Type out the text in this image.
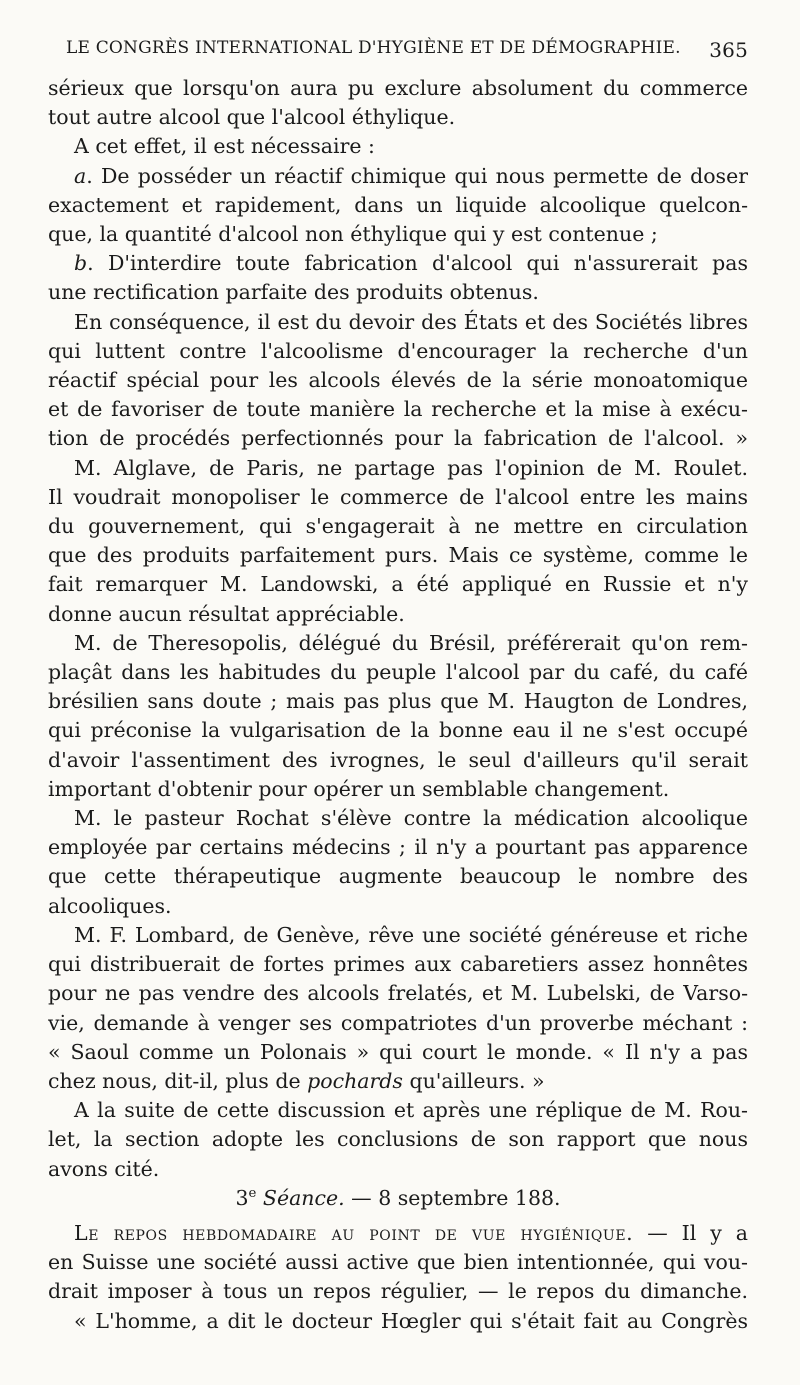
LE CONGRÈS INTERNATIONAL D'HYGIÈNE ET DE DÉMOGRAPHIE. 365

sérieux que lorsqu'on aura pu exclure absolument du commerce

tout autre alcool que l'alcool éthylique.

A cet effet, il est nécessaire :

a. De posséder un réactif chimique qui nous permette de doser

exactement et rapidement, dans un liquide alcoolique quelcon-

que, la quantité d'alcool non éthylique qui y est contenue ;

b. D'interdire toute fabrication d'alcool qui n'assurerait pas

une rectification parfaite des produits obtenus.

En conséquence, il est du devoir des États et des Sociétés libres

qui luttent contre l'alcoolisme d'encourager la recherche d'un

réactif spécial pour les alcools élevés de la série monoatomique

et de favoriser de toute manière la recherche et la mise à exécu-

tion de procédés perfectionnés pour la fabrication de l'alcool. »

M. Alglave, de Paris, ne partage pas l'opinion de M. Roulet.

Il voudrait monopoliser le commerce de l'alcool entre les mains

du gouvernement, qui s'engagerait à ne mettre en circulation

que des produits parfaitement purs. Mais ce système, comme le

fait remarquer M. Landowski, a été appliqué en Russie et n'y

donne aucun résultat appréciable.

M. de Theresopolis, délégué du Brésil, préférerait qu'on rem-

plaçât dans les habitudes du peuple l'alcool par du café, du café

brésilien sans doute ; mais pas plus que M. Haugton de Londres,

qui préconise la vulgarisation de la bonne eau il ne s'est occupé

d'avoir l'assentiment des ivrognes, le seul d'ailleurs qu'il serait

important d'obtenir pour opérer un semblable changement.

M. le pasteur Rochat s'élève contre la médication alcoolique

employée par certains médecins ; il n'y a pourtant pas apparence

que cette thérapeutique augmente beaucoup le nombre des

alcooliques.

M. F. Lombard, de Genève, rêve une société généreuse et riche

qui distribuerait de fortes primes aux cabaretiers assez honnêtes

pour ne pas vendre des alcools frelatés, et M. Lubelski, de Varso-

vie, demande à venger ses compatriotes d'un proverbe méchant :

« Saoul comme un Polonais » qui court le monde. « Il n'y a pas

chez nous, dit-il, plus de pochards qu'ailleurs. »

A la suite de cette discussion et après une réplique de M. Rou-

let, la section adopte les conclusions de son rapport que nous

avons cité.

3e Séance. — 8 septembre 188.

Le repos hebdomadaire au point de vue hygiénique. — Il y a

en Suisse une société aussi active que bien intentionnée, qui vou-

drait imposer à tous un repos régulier, — le repos du dimanche.

« L'homme, a dit le docteur Hœgler qui s'était fait au Congrès
